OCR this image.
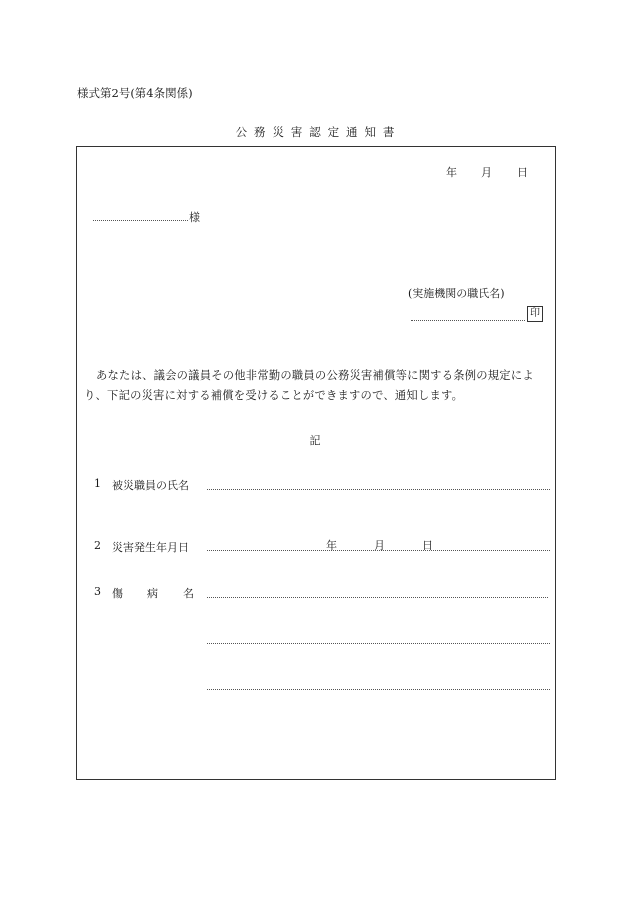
様式第2号(第4条関係)
公務災害認定通知書
年 月 日
様
(実施機関の職氏名)
印
あなたは、議会の議員その他非常勤の職員の公務災害補償等に関する条例の規定により、下記の災害に対する補償を受けることができますので、通知します。
記
1 被災職員の氏名
2 災害発生年月日	年	月	日
3 傷 病 名
